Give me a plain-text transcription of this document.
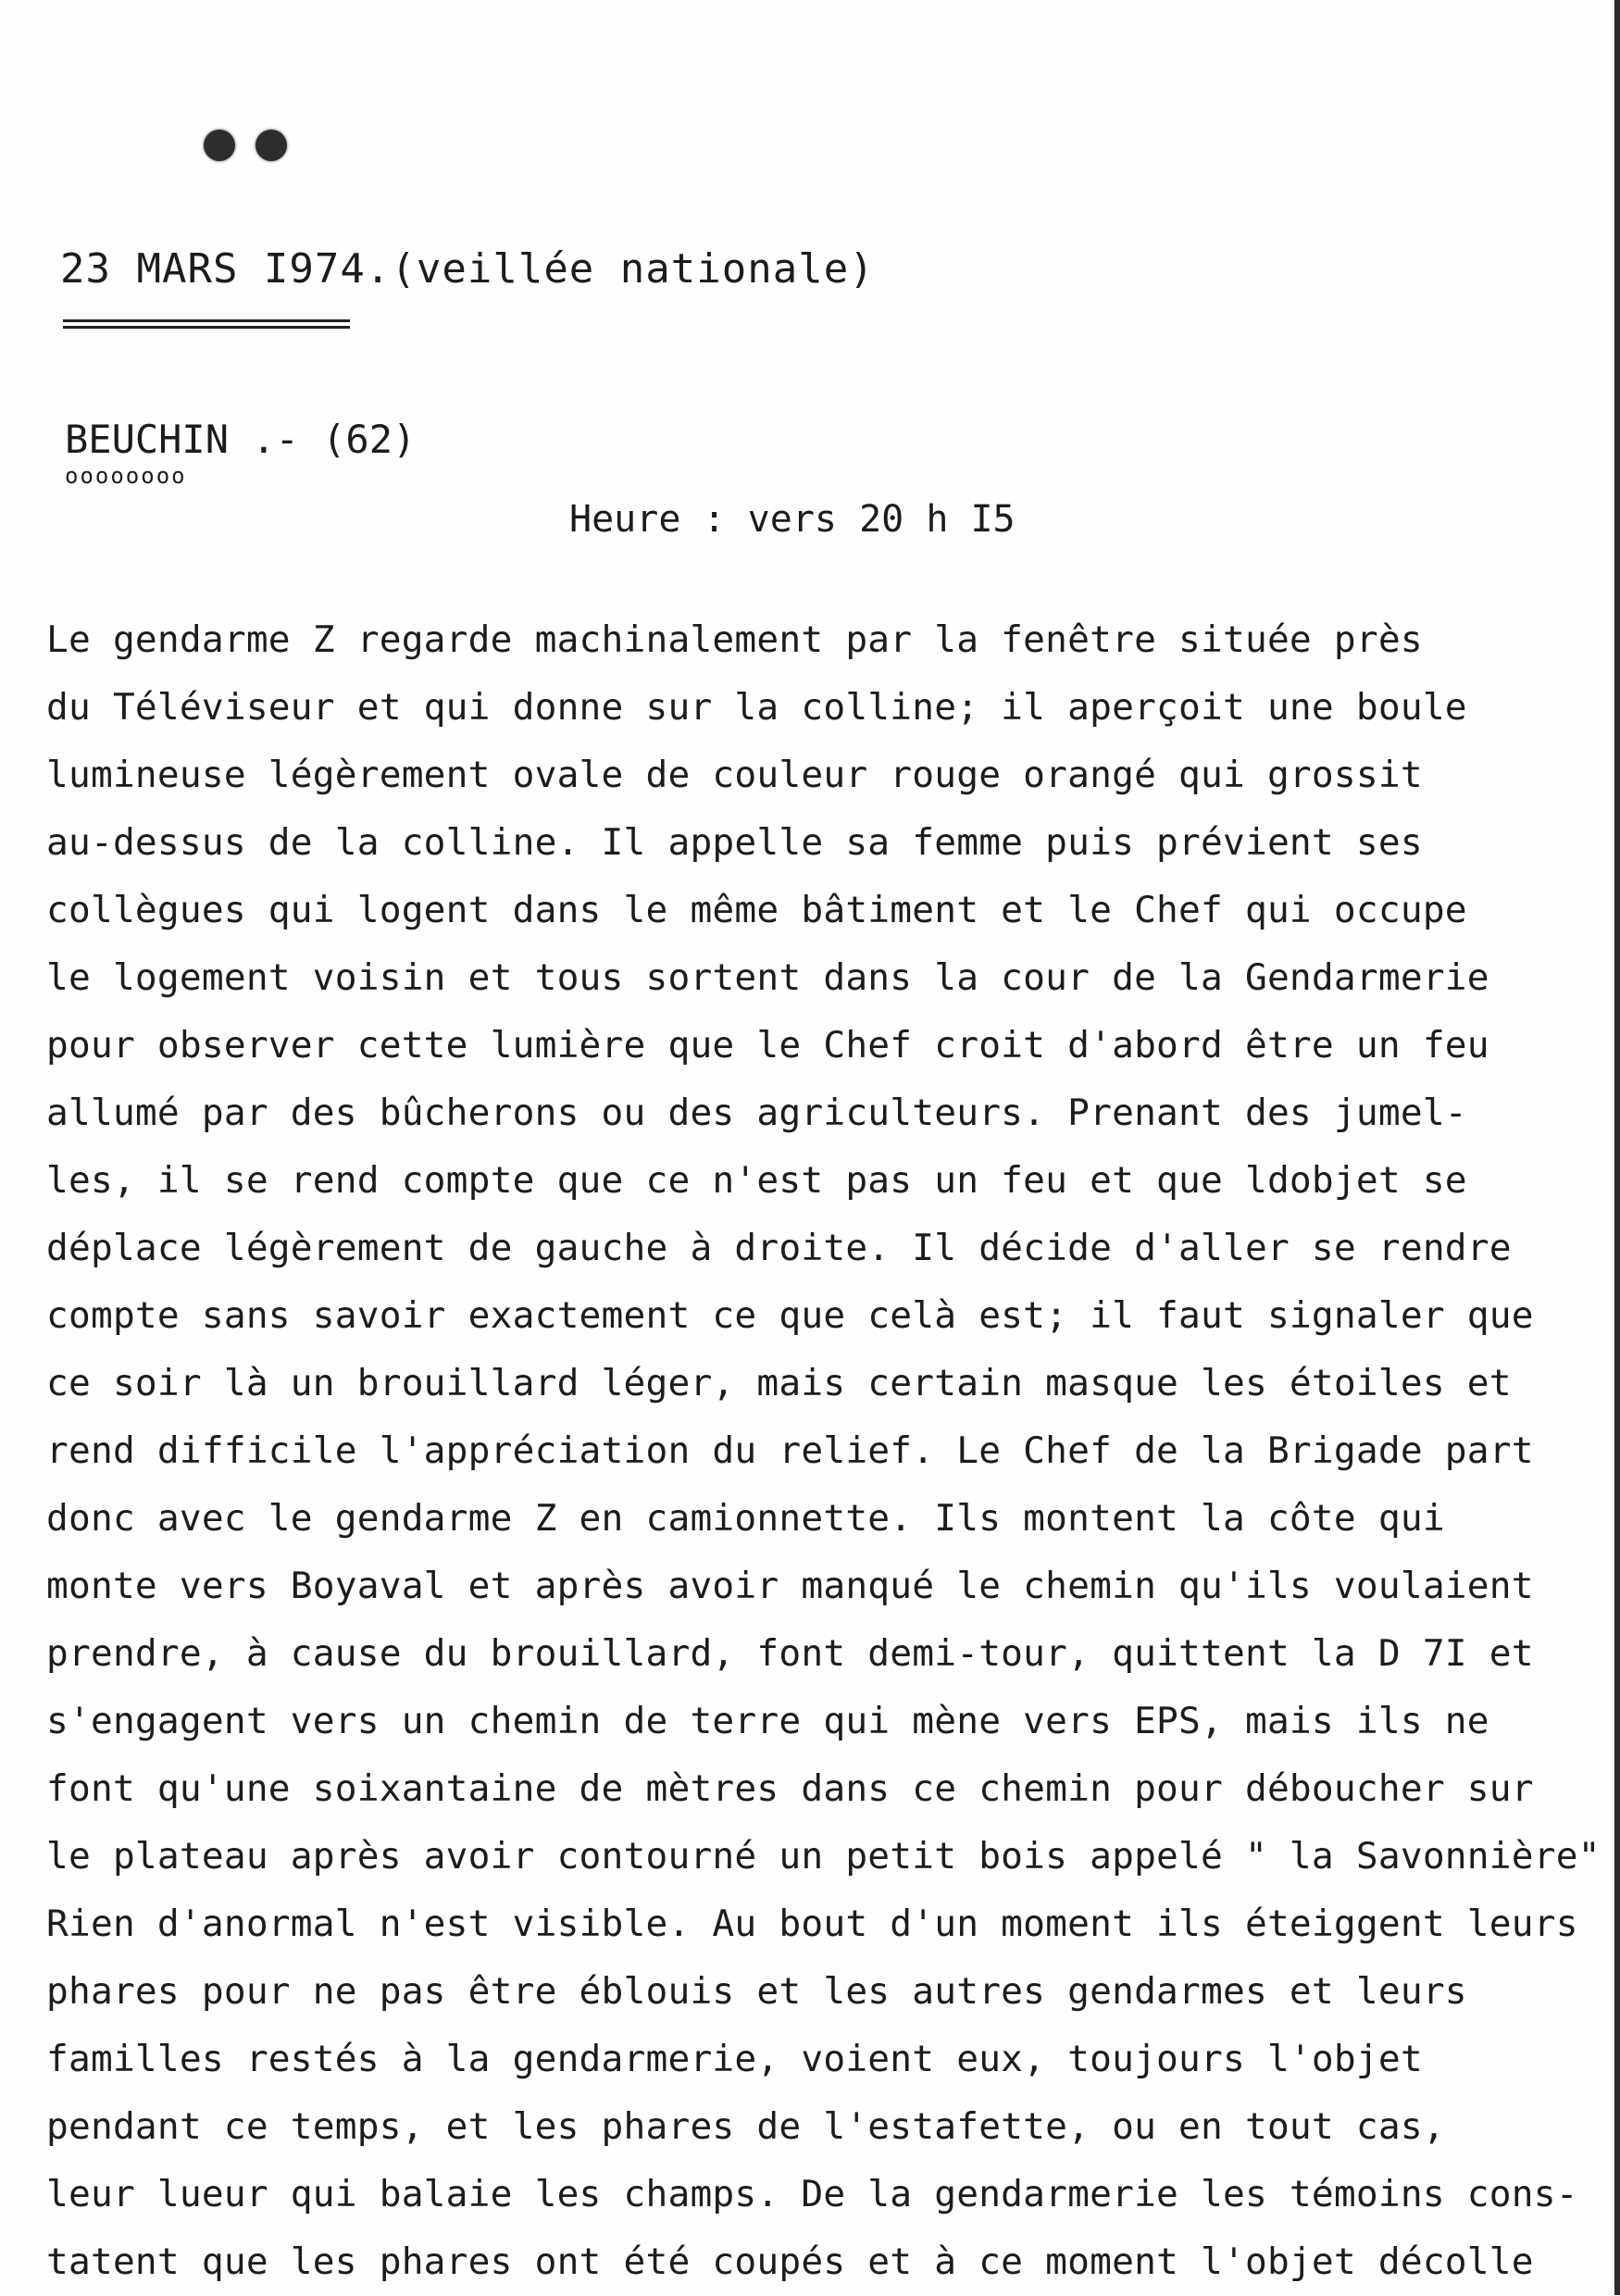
23 MARS I974.(veillée nationale)
BEUCHIN .- (62)
oooooooo
Heure : vers 20 h I5
Le gendarme Z regarde machinalement par la fenêtre située près
du Téléviseur et qui donne sur la colline; il aperçoit une boule
lumineuse légèrement ovale de couleur rouge orangé qui grossit
au-dessus de la colline. Il appelle sa femme puis prévient ses
collègues qui logent dans le même bâtiment et le Chef qui occupe
le logement voisin et tous sortent dans la cour de la Gendarmerie
pour observer cette lumière que le Chef croit d'abord être un feu
allumé par des bûcherons ou des agriculteurs. Prenant des jumel-
les, il se rend compte que ce n'est pas un feu et que ldobjet se
déplace légèrement de gauche à droite. Il décide d'aller se rendre
compte sans savoir exactement ce que celà est; il faut signaler que
ce soir là un brouillard léger, mais certain masque les étoiles et
rend difficile l'appréciation du relief. Le Chef de la Brigade part
donc avec le gendarme Z en camionnette. Ils montent la côte qui
monte vers Boyaval et après avoir manqué le chemin qu'ils voulaient
prendre, à cause du brouillard, font demi-tour, quittent la D 7I et
s'engagent vers un chemin de terre qui mène vers EPS, mais ils ne
font qu'une soixantaine de mètres dans ce chemin pour déboucher sur
le plateau après avoir contourné un petit bois appelé " la Savonnière"
Rien d'anormal n'est visible. Au bout d'un moment ils éteiggent leurs
phares pour ne pas être éblouis et les autres gendarmes et leurs
familles restés à la gendarmerie, voient eux, toujours l'objet
pendant ce temps, et les phares de l'estafette, ou en tout cas,
leur lueur qui balaie les champs. De la gendarmerie les témoins cons-
tatent que les phares ont été coupés et à ce moment l'objet décolle
